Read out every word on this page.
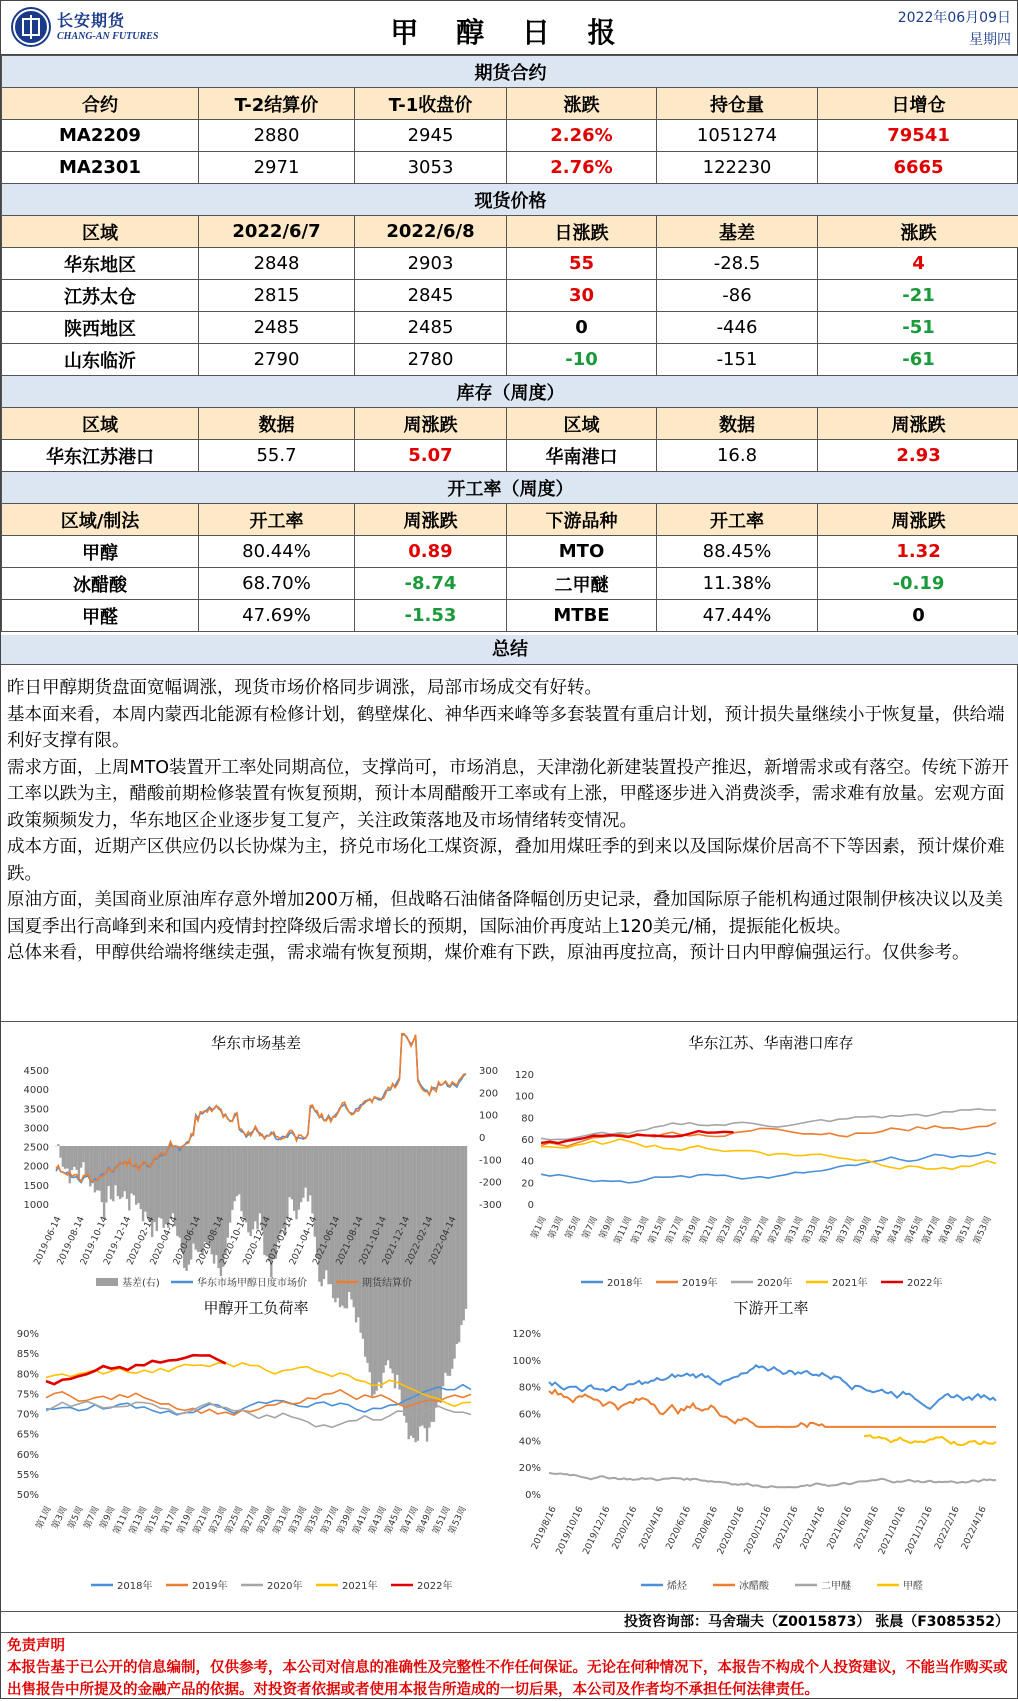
长安期货
CHANG-AN FUTURES	甲 醇 日 报	2022年06月09日
星期四
期货合约					
合约	T-2结算价	T-1收盘价	涨跌	持仓量	日增仓
MA2209	2880	2945	2.26%	1051274	79541
MA2301	2971	3053	2.76%	122230	6665
现货价格					
区域	2022/6/7	2022/6/8	日涨跌	基差	涨跌
华东地区	2848	2903	55	-28.5	4
江苏太仓	2815	2845	30	-86	-21
陕西地区	2485	2485	0	-446	-51
山东临沂	2790	2780	-10	-151	-61
库存（周度）					
区域	数据	周涨跌	区域	数据	周涨跌
华东江苏港口	55.7	5.07	华南港口	16.8	2.93
开工率（周度）					
区域/制法	开工率	周涨跌	下游品种	开工率	周涨跌
甲醇	80.44%	0.89	MTO	88.45%	1.32
冰醋酸	68.70%	-8.74	二甲醚	11.38%	-0.19
甲醛	47.69%	-1.53	MTBE	47.44%	0
总结

昨日甲醇期货盘面宽幅调涨，现货市场价格同步调涨，局部市场成交有好转。

基本面来看，本周内蒙西北能源有检修计划，鹤壁煤化、神华西来峰等多套装置有重启计划，预计损失量继续小于恢复量，供给端利好支撑有限。

需求方面，上周MTO装置开工率处同期高位，支撑尚可，市场消息，天津渤化新建装置投产推迟，新增需求或有落空。传统下游开工率以跌为主，醋酸前期检修装置有恢复预期，预计本周醋酸开工率或有上涨，甲醛逐步进入消费淡季，需求难有放量。宏观方面政策频频发力，华东地区企业逐步复工复产，关注政策落地及市场情绪转变情况。

成本方面，近期产区供应仍以长协煤为主，挤兑市场化工煤资源，叠加用煤旺季的到来以及国际煤价居高不下等因素，预计煤价难跌。

原油方面，美国商业原油库存意外增加200万桶，但战略石油储备降幅创历史记录，叠加国际原子能机构通过限制伊核决议以及美国夏季出行高峰到来和国内疫情封控降级后需求增长的预期，国际油价再度站上120美元/桶，提振能化板块。

总体来看，甲醇供给端将继续走强，需求端有恢复预期，煤价难有下跌，原油再度拉高，预计日内甲醇偏强运行。仅供参考。

华东市场基差
4500
4000
3500
3000
2500
2000
1500
1000
300
200
100
0
-100
-200
-300
2019-06-14
2019-08-14
2019-10-14
2019-12-14
2020-02-14
2020-04-14
2020-06-14
2020-08-14
2020-10-14
2020-12-14
2021-02-14
2021-04-14
2021-06-14
2021-08-14
2021-10-14
2021-12-14
2022-02-14
2022-04-14
基差(右)	华东市场甲醇日度市场价	期货结算价
华东江苏、华南港口库存
120
100
80
60
40
20
0
第1周
第3周
第5周
第7周
第9周
第11周
第13周
第15周
第17周
第19周
第21周
第23周
第25周
第27周
第29周
第31周
第33周
第35周
第37周
第39周
第41周
第43周
第45周
第47周
第49周
第51周
第53周
2018年	2019年	2020年	2021年	2022年
甲醇开工负荷率
90%
85%
80%
75%
70%
65%
60%
55%
50%
第1周
第3周
第5周
第7周
第9周
第11周
第13周
第15周
第17周
第19周
第21周
第23周
第25周
第27周
第29周
第31周
第33周
第35周
第37周
第39周
第41周
第43周
第45周
第47周
第49周
第51周
第53周
2018年	2019年	2020年	2021年	2022年
下游开工率
120%
100%
80%
60%
40%
20%
0%
2019/8/16
2019/10/16
2019/12/16
2020/2/16
2020/4/16
2020/6/16
2020/8/16
2020/10/16
2020/12/16
2021/2/16
2021/4/16
2021/6/16
2021/8/16
2021/10/16
2021/12/16
2022/2/16
2022/4/16
烯烃	冰醋酸	二甲醚	甲醛
投资咨询部：马舍瑞夫（Z0015873） 张晨（F3085352）
免责声明
本报告基于已公开的信息编制，仅供参考，本公司对信息的准确性及完整性不作任何保证。无论在何种情况下，本报告不构成个人投资建议，不能当作购买或出售报告中所提及的金融产品的依据。对投资者依据或者使用本报告所造成的一切后果，本公司及作者均不承担任何法律责任。
